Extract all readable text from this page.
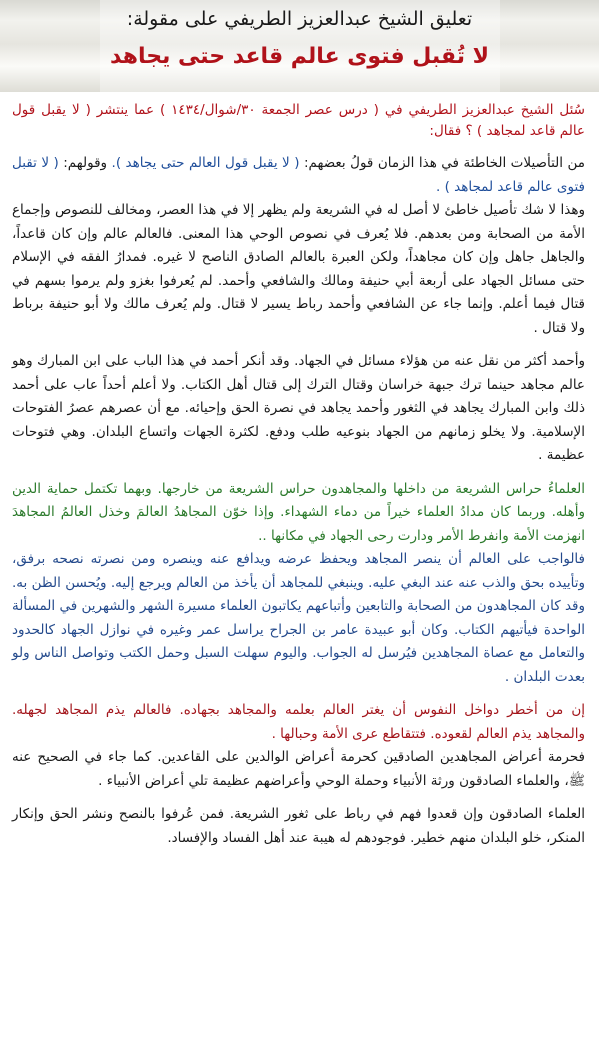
تعليق الشيخ عبدالعزيز الطريفي على مقولة:
لا تُقبل فتوى عالم قاعد حتى يجاهد

سُئل الشيخ عبدالعزيز الطريفي في ( درس عصر الجمعة ٣٠/شوال/١٤٣٤ ) عما ينتشر ( لا يقبل قول عالم قاعد لمجاهد ) ؟ فقال:

من التأصيلات الخاطئة في هذا الزمان قولُ بعضهم: ( لا يقبل قول العالم حتى يجاهد ). وقولهم: ( لا تقبل فتوى عالم قاعد لمجاهد ) .

وهذا لا شك تأصيل خاطئ لا أصل له في الشريعة ولم يظهر إلا في هذا العصر، ومخالف للنصوص وإجماع الأمة من الصحابة ومن بعدهم. فلا يُعرف في نصوص الوحي هذا المعنى. فالعالم عالم وإن كان قاعداً، والجاهل جاهل وإن كان مجاهداً، ولكن العبرة بالعالم الصادق الناصح لا غيره. فمدارُ الفقه في الإسلام حتى مسائل الجهاد على أربعة أبي حنيفة ومالك والشافعي وأحمد. لم يُعرفوا بغزو ولم يرموا بسهم في قتال فيما أعلم. وإنما جاء عن الشافعي وأحمد رباط يسير لا قتال. ولم يُعرف مالك ولا أبو حنيفة برباط ولا قتال .

وأحمد أكثر من نقل عنه من هؤلاء مسائل في الجهاد. وقد أنكر أحمد في هذا الباب على ابن المبارك وهو عالم مجاهد حينما ترك جبهة خراسان وقتال الترك إلى قتال أهل الكتاب. ولا أعلم أحداً عاب على أحمد ذلك وابن المبارك يجاهد في الثغور وأحمد يجاهد في نصرة الحق وإحيائه. مع أن عصرهم عصرُ الفتوحات الإسلامية. ولا يخلو زمانهم من الجهاد بنوعيه طلب ودفع. لكثرة الجهات واتساع البلدان. وهي فتوحات عظيمة .

العلماءُ حراس الشريعة من داخلها والمجاهدون حراس الشريعة من خارجها. وبهما تكتمل حماية الدين وأهله. وربما كان مدادُ العلماء خيراً من دماء الشهداء. وإذا خوّن المجاهدُ العالمَ وخذل العالمُ المجاهدَ انهزمت الأمة وانفرط الأمر ودارت رحى الجهاد في مكانها ..

فالواجب على العالم أن ينصر المجاهد ويحفظ عرضه ويدافع عنه وينصره ومن نصرته نصحه برفق، وتأييده بحق والذب عنه عند البغي عليه. وينبغي للمجاهد أن يأخذ من العالم ويرجع إليه. ويُحسن الظن به. وقد كان المجاهدون من الصحابة والتابعين وأتباعهم يكاتبون العلماء مسيرة الشهر والشهرين في المسألة الواحدة فيأتيهم الكتاب. وكان أبو عبيدة عامر بن الجراح يراسل عمر وغيره في نوازل الجهاد كالحدود والتعامل مع عصاة المجاهدين فيُرسل له الجواب. واليوم سهلت السبل وحمل الكتب وتواصل الناس ولو بعدت البلدان .

إن من أخطر دواخل النفوس أن يغتر العالم بعلمه والمجاهد بجهاده. فالعالم يذم المجاهد لجهله. والمجاهد يذم العالم لقعوده. فتتقاطع عرى الأمة وحبالها .

فحرمة أعراض المجاهدين الصادقين كحرمة أعراض الوالدين على القاعدين. كما جاء في الصحيح عنه ﷺ، والعلماء الصادقون ورثة الأنبياء وحملة الوحي وأعراضهم عظيمة تلي أعراض الأنبياء .

العلماء الصادقون وإن قعدوا فهم في رباط على ثغور الشريعة. فمن عُرفوا بالنصح ونشر الحق وإنكار المنكر، خلو البلدان منهم خطير. فوجودهم له هيبة عند أهل الفساد والإفساد.
